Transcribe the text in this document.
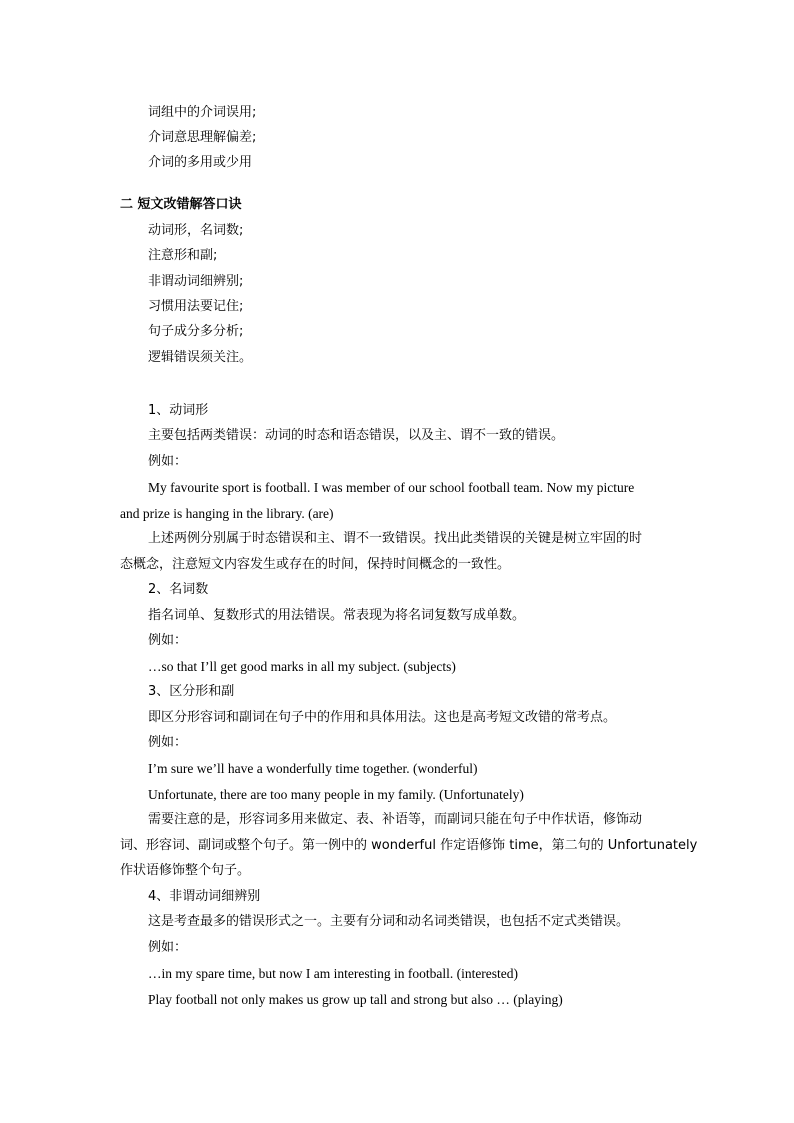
词组中的介词误用;
介词意思理解偏差;
介词的多用或少用
二 短文改错解答口诀
动词形，名词数;
注意形和副;
非谓动词细辨别;
习惯用法要记住;
句子成分多分析;
逻辑错误须关注。
1、动词形
主要包括两类错误：动词的时态和语态错误，以及主、谓不一致的错误。
例如：
My favourite sport is football. I was member of our school football team. Now my picture
and prize is hanging in the library. (are)
上述两例分别属于时态错误和主、谓不一致错误。找出此类错误的关键是树立牢固的时
态概念，注意短文内容发生或存在的时间，保持时间概念的一致性。
2、名词数
指名词单、复数形式的用法错误。常表现为将名词复数写成单数。
例如：
…so that I’ll get good marks in all my subject. (subjects)
3、区分形和副
即区分形容词和副词在句子中的作用和具体用法。这也是高考短文改错的常考点。
例如：
I’m sure we’ll have a wonderfully time together. (wonderful)
Unfortunate, there are too many people in my family. (Unfortunately)
需要注意的是，形容词多用来做定、表、补语等，而副词只能在句子中作状语，修饰动
词、形容词、副词或整个句子。第一例中的 wonderful 作定语修饰 time，第二句的 Unfortunately
作状语修饰整个句子。
4、非谓动词细辨别
这是考查最多的错误形式之一。主要有分词和动名词类错误，也包括不定式类错误。
例如：
…in my spare time, but now I am interesting in football. (interested)
Play football not only makes us grow up tall and strong but also … (playing)
